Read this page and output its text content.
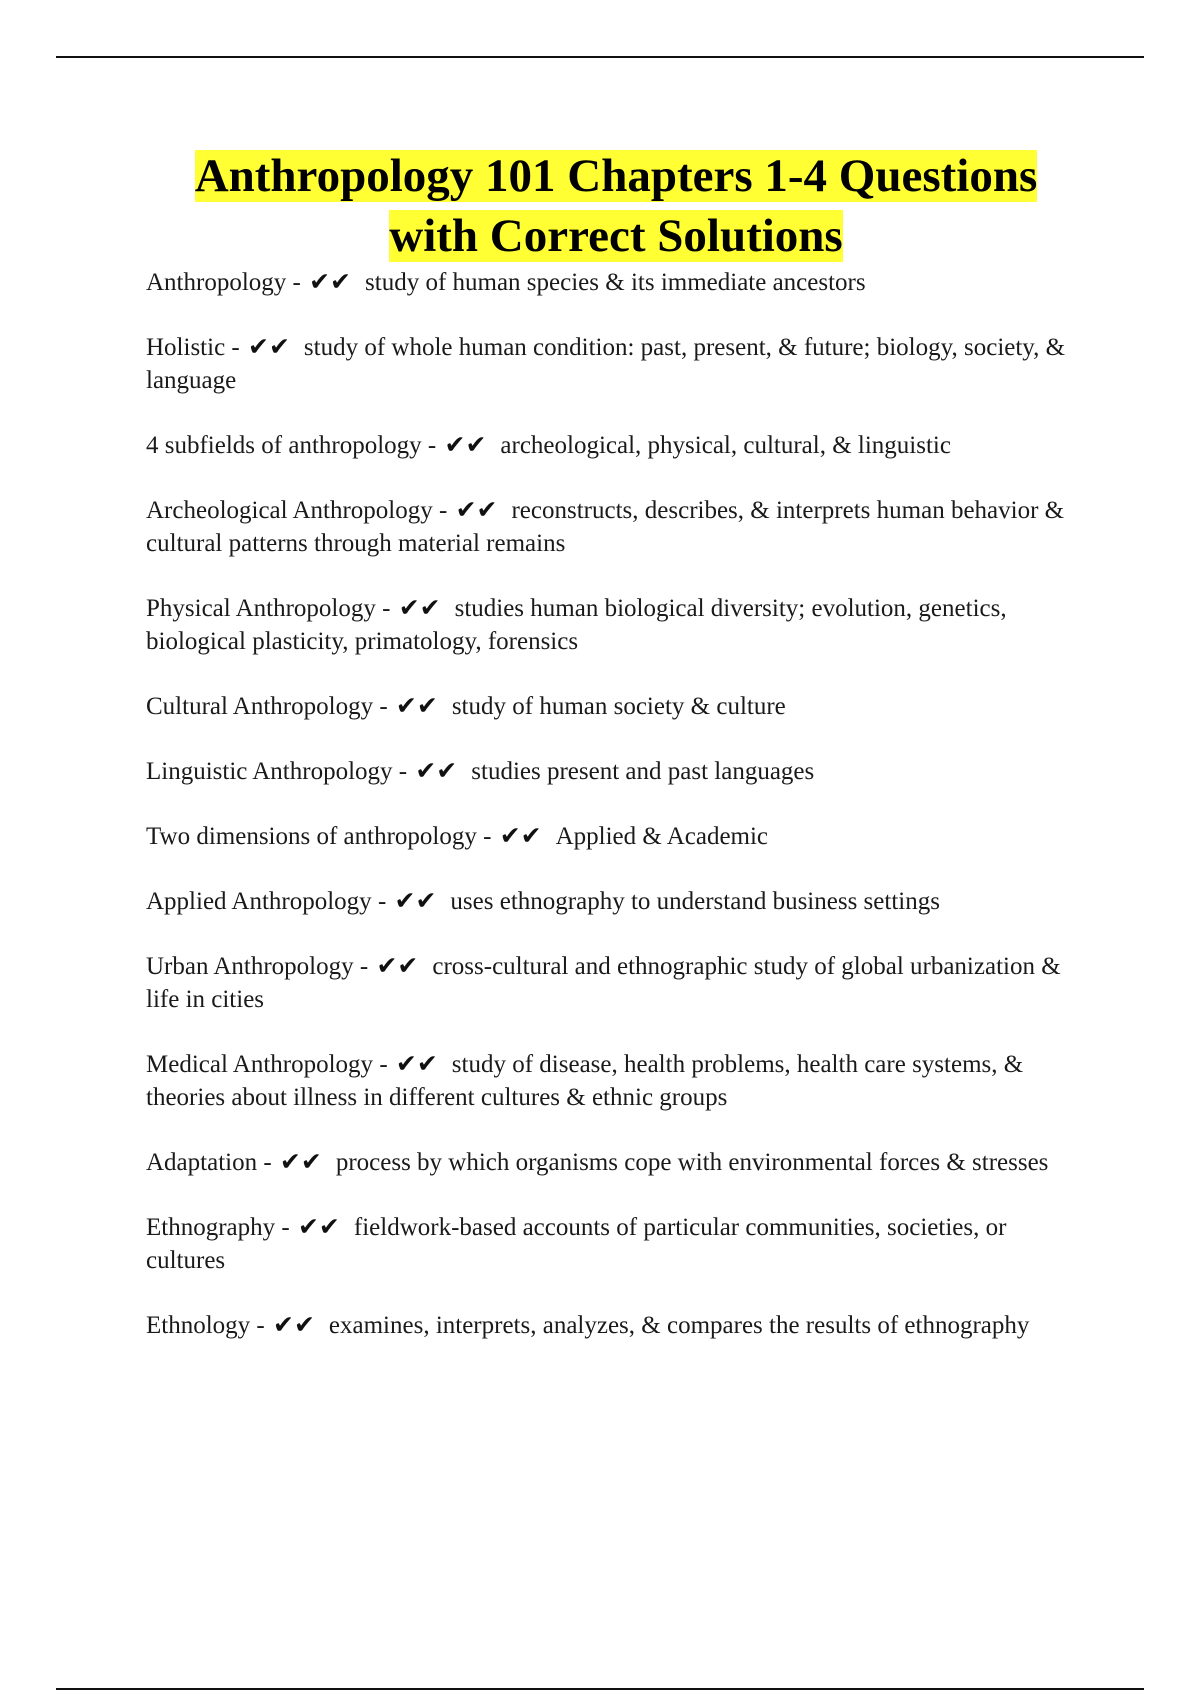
Anthropology 101 Chapters 1-4 Questions
with Correct Solutions
Anthropology - ✔✔ study of human species & its immediate ancestors
Holistic - ✔✔ study of whole human condition: past, present, & future; biology, society, & language
4 subfields of anthropology - ✔✔ archeological, physical, cultural, & linguistic
Archeological Anthropology - ✔✔ reconstructs, describes, & interprets human behavior & cultural patterns through material remains
Physical Anthropology - ✔✔ studies human biological diversity; evolution, genetics, biological plasticity, primatology, forensics
Cultural Anthropology - ✔✔ study of human society & culture
Linguistic Anthropology - ✔✔ studies present and past languages
Two dimensions of anthropology - ✔✔ Applied & Academic
Applied Anthropology - ✔✔ uses ethnography to understand business settings
Urban Anthropology - ✔✔ cross-cultural and ethnographic study of global urbanization & life in cities
Medical Anthropology - ✔✔ study of disease, health problems, health care systems, & theories about illness in different cultures & ethnic groups
Adaptation - ✔✔ process by which organisms cope with environmental forces & stresses
Ethnography - ✔✔ fieldwork-based accounts of particular communities, societies, or cultures
Ethnology - ✔✔ examines, interprets, analyzes, & compares the results of ethnography
